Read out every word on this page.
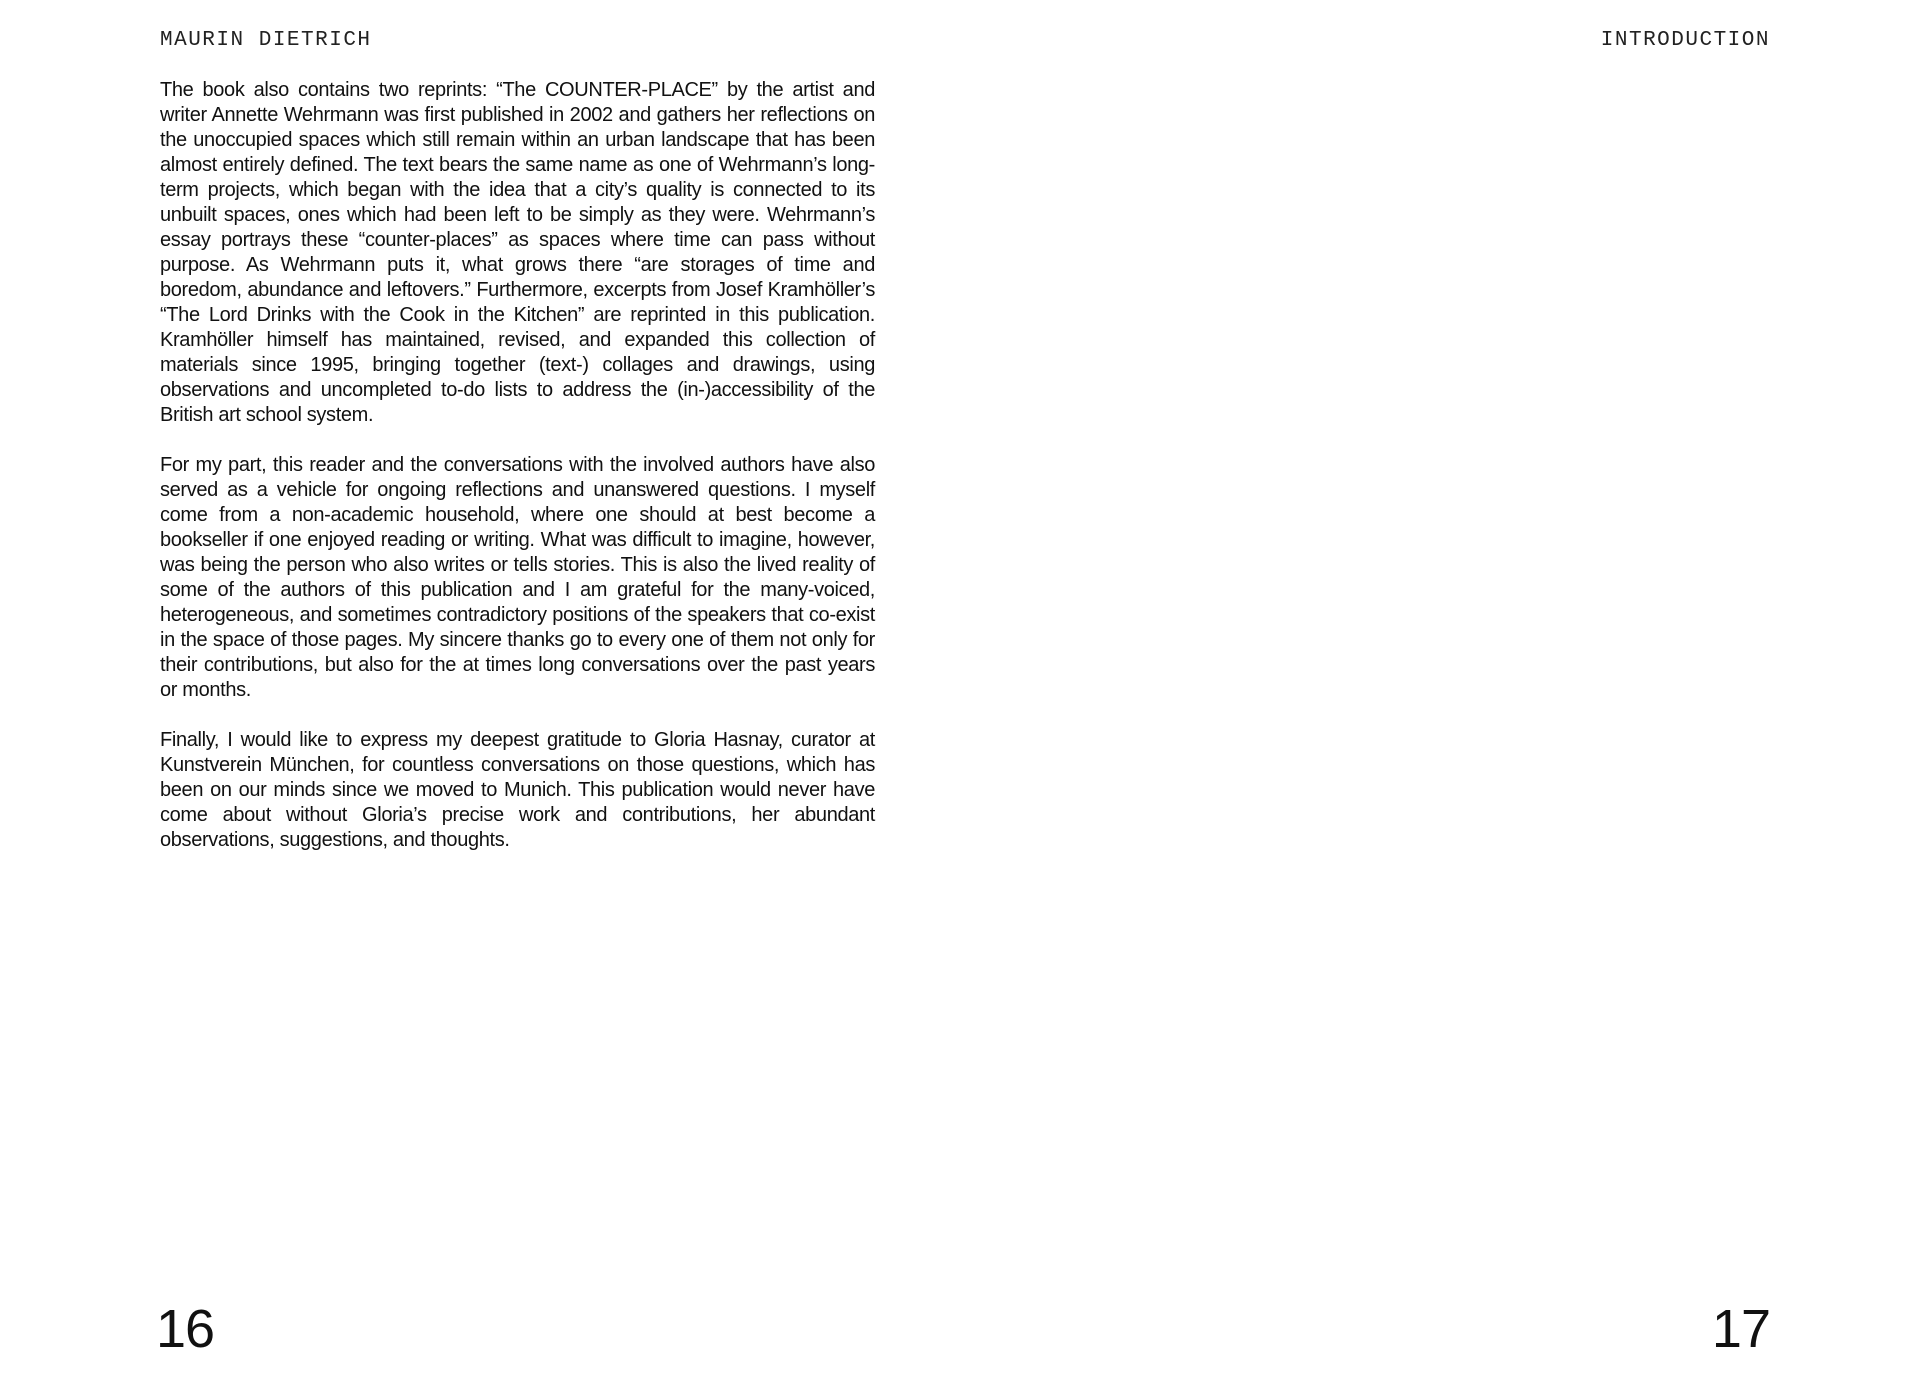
MAURIN DIETRICH	INTRODUCTION

The book also contains two reprints: “The COUNTER-PLACE” by the artist and writer Annette Wehrmann was first published in 2002 and gathers her reflections on the unoccupied spaces which still remain within an urban landscape that has been almost entirely defined. The text bears the same name as one of Wehrmann’s long-term projects, which began with the idea that a city’s quality is connected to its unbuilt spaces, ones which had been left to be simply as they were. Wehrmann’s essay portrays these “counter-places” as spaces where time can pass without purpose. As Wehrmann puts it, what grows there “are storages of time and boredom, abundance and leftovers.” Furthermore, excerpts from Josef Kramhöller’s “The Lord Drinks with the Cook in the Kitchen” are reprinted in this publication. Kramhöller himself has maintained, revised, and expanded this collection of materials since 1995, bringing together (text-) collages and drawings, using observations and uncompleted to-do lists to address the (in-)accessibility of the British art school system.

For my part, this reader and the conversations with the involved authors have also served as a vehicle for ongoing reflections and unanswered questions. I myself come from a non-academic household, where one should at best become a bookseller if one enjoyed reading or writing. What was difficult to imagine, however, was being the person who also writes or tells stories. This is also the lived reality of some of the authors of this publication and I am grateful for the many-voiced, heterogeneous, and sometimes contradictory positions of the speakers that co-exist in the space of those pages. My sincere thanks go to every one of them not only for their contributions, but also for the at times long conversations over the past years or months.

Finally, I would like to express my deepest gratitude to Gloria Hasnay, curator at Kunstverein München, for countless conversations on those questions, which has been on our minds since we moved to Munich. This publication would never have come about without Gloria’s precise work and contributions, her abundant observations, suggestions, and thoughts.

16	17
